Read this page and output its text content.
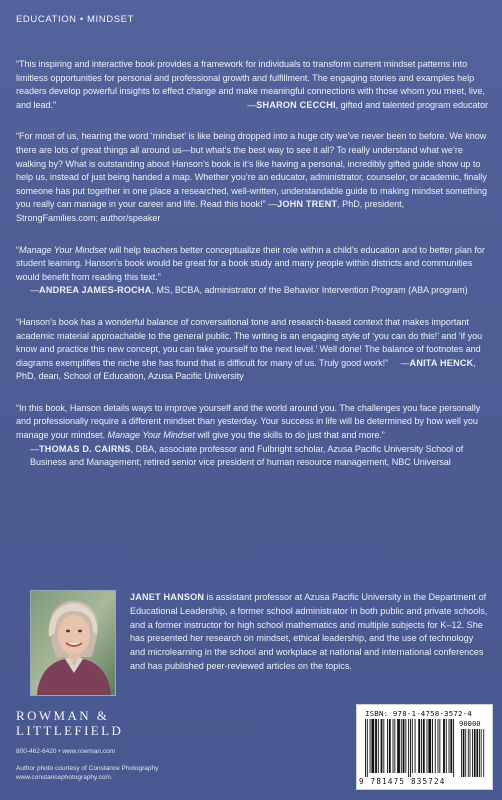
EDUCATION • MINDSET

“This inspiring and interactive book provides a framework for individuals to transform current mindset patterns into limitless opportunities for personal and professional growth and fulfillment. The engaging stories and examples help readers develop powerful insights to effect change and make meaningful connections with those whom you meet, live, and lead.”	—SHARON CECCHI, gifted and talented program educator

“For most of us, hearing the word ‘mindset’ is like being dropped into a huge city we’ve never been to before. We know there are lots of great things all around us—but what’s the best way to see it all? To really understand what we’re walking by? What is outstanding about Hanson’s book is it’s like having a personal, incredibly gifted guide show up to help us, instead of just being handed a map. Whether you’re an educator, administrator, counselor, or academic, finally someone has put together in one place a researched, well-written, understandable guide to making mindset something you really can manage in your career and life. Read this book!” —JOHN TRENT, PhD, president, StrongFamilies.com; author/speaker

“Manage Your Mindset will help teachers better conceptualize their role within a child’s education and to better plan for student learning. Hanson’s book would be great for a book study and many people within districts and communities would benefit from reading this text.”
—ANDREA JAMES-ROCHA, MS, BCBA, administrator of the Behavior Intervention Program (ABA program)

“Hanson’s book has a wonderful balance of conversational tone and research-based context that makes important academic material approachable to the general public. The writing is an engaging style of ‘you can do this!’ and ‘if you know and practice this new concept, you can take yourself to the next level.’ Well done! The balance of footnotes and diagrams exemplifies the niche she has found that is difficult for many of us. Truly good work!” —ANITA HENCK, PhD, dean, School of Education, Azusa Pacific University

“In this book, Hanson details ways to improve yourself and the world around you. The challenges you face personally and professionally require a different mindset than yesterday. Your success in life will be determined by how well you manage your mindset. Manage Your Mindset will give you the skills to do just that and more.”
—THOMAS D. CAIRNS, DBA, associate professor and Fulbright scholar, Azusa Pacific University School of Business and Management; retired senior vice president of human resource management, NBC Universal

JANET HANSON is assistant professor at Azusa Pacific University in the Department of Educational Leadership, a former school administrator in both public and private schools, and a former instructor for high school mathematics and multiple subjects for K–12. She has presented her research on mindset, ethical leadership, and the use of technology and microlearning in the school and workplace at national and international conferences and has published peer-reviewed articles on the topics.
ROWMAN &
LITTLEFIELD
800-462-6420 • www.rowman.com
Author photo courtesy of Constance Photography
www.constancephotography.com.
ISBN: 978-1-4758-3572-4
90000
9 781475 835724
